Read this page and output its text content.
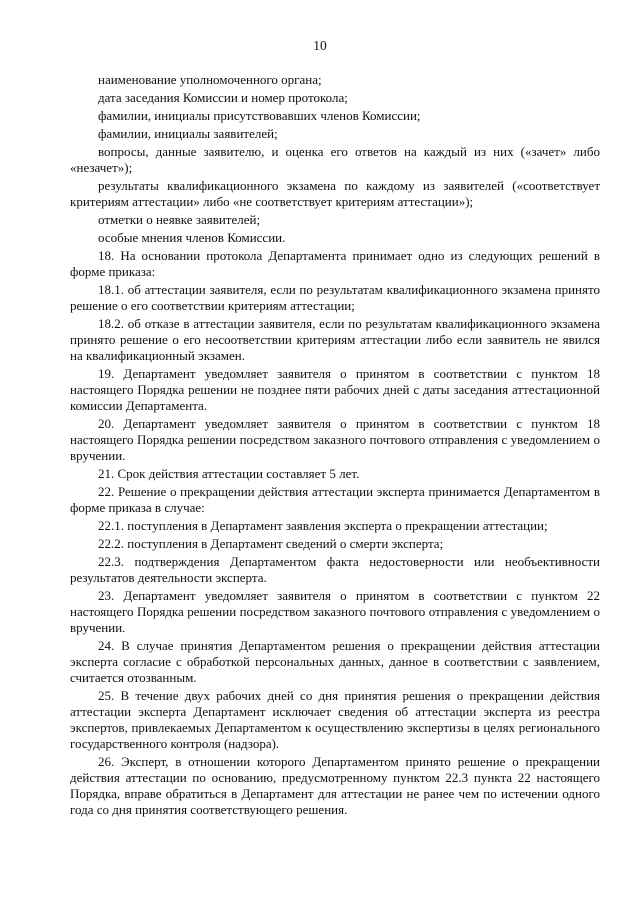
10

наименование уполномоченного органа;

дата заседания Комиссии и номер протокола;

фамилии, инициалы присутствовавших членов Комиссии;

фамилии, инициалы заявителей;

вопросы, данные заявителю, и оценка его ответов на каждый из них («зачет» либо «незачет»);

результаты квалификационного экзамена по каждому из заявителей («соответствует критериям аттестации» либо «не соответствует критериям аттестации»);

отметки о неявке заявителей;

особые мнения членов Комиссии.

18. На основании протокола Департамента принимает одно из следующих решений в форме приказа:

18.1. об аттестации заявителя, если по результатам квалификационного экзамена принято решение о его соответствии критериям аттестации;

18.2. об отказе в аттестации заявителя, если по результатам квалификационного экзамена принято решение о его несоответствии критериям аттестации либо если заявитель не явился на квалификационный экзамен.

19. Департамент уведомляет заявителя о принятом в соответствии с пунктом 18 настоящего Порядка решении не позднее пяти рабочих дней с даты заседания аттестационной комиссии Департамента.

20. Департамент уведомляет заявителя о принятом в соответствии с пунктом 18 настоящего Порядка решении посредством заказного почтового отправления с уведомлением о вручении.

21. Срок действия аттестации составляет 5 лет.

22. Решение о прекращении действия аттестации эксперта принимается Департаментом в форме приказа в случае:

22.1. поступления в Департамент заявления эксперта о прекращении аттестации;

22.2. поступления в Департамент сведений о смерти эксперта;

22.3. подтверждения Департаментом факта недостоверности или необъективности результатов деятельности эксперта.

23. Департамент уведомляет заявителя о принятом в соответствии с пунктом 22 настоящего Порядка решении посредством заказного почтового отправления с уведомлением о вручении.

24. В случае принятия Департаментом решения о прекращении действия аттестации эксперта согласие с обработкой персональных данных, данное в соответствии с заявлением, считается отозванным.

25. В течение двух рабочих дней со дня принятия решения о прекращении действия аттестации эксперта Департамент исключает сведения об аттестации эксперта из реестра экспертов, привлекаемых Департаментом к осуществлению экспертизы в целях регионального государственного контроля (надзора).

26. Эксперт, в отношении которого Департаментом принято решение о прекращении действия аттестации по основанию, предусмотренному пунктом 22.3 пункта 22 настоящего Порядка, вправе обратиться в Департамент для аттестации не ранее чем по истечении одного года со дня принятия соответствующего решения.
